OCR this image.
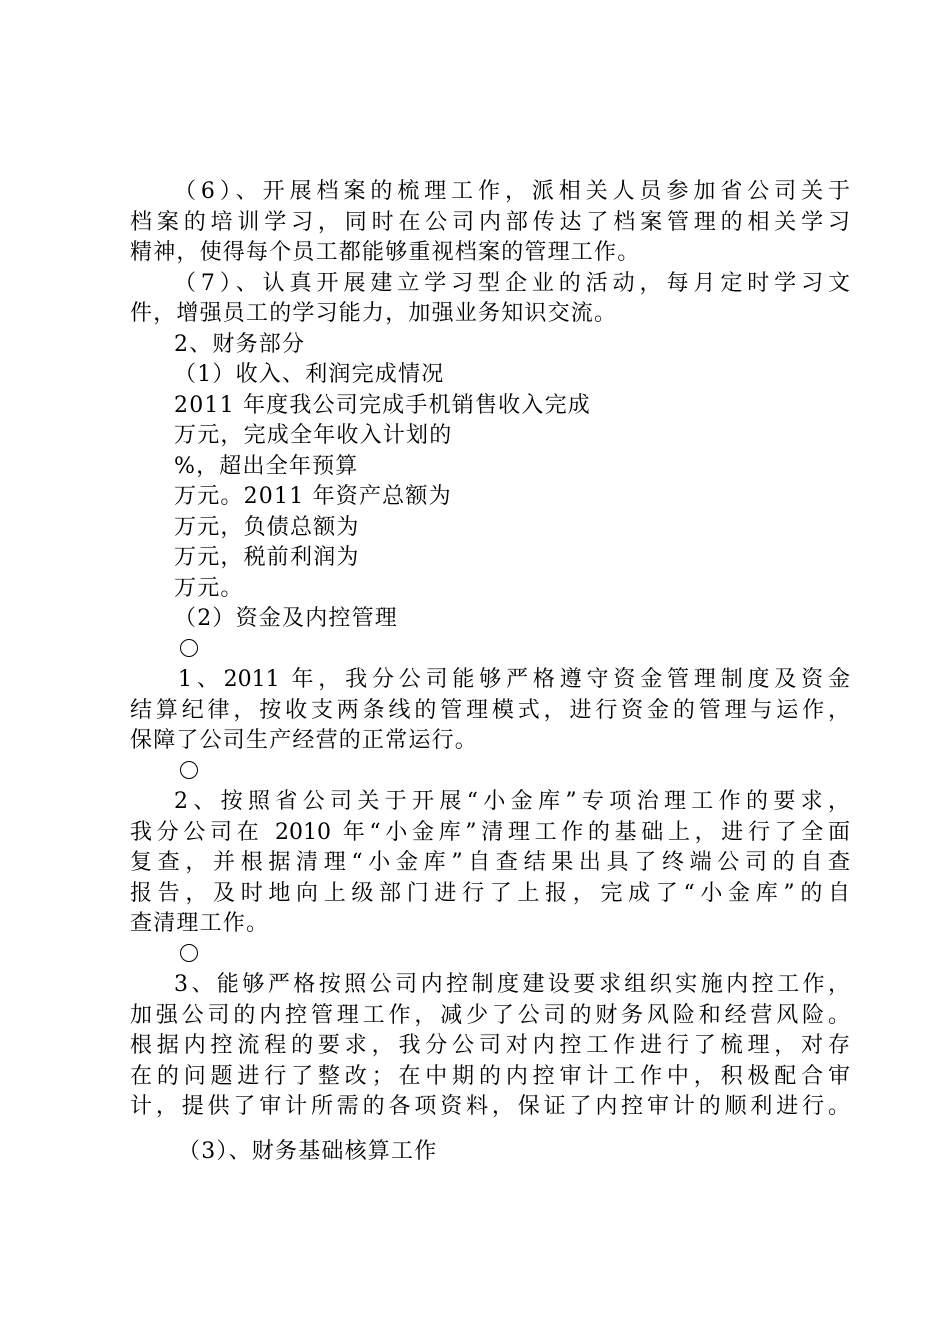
（6）、开展档案的梳理工作，派相关人员参加省公司关于
档案的培训学习，同时在公司内部传达了档案管理的相关学习
精神，使得每个员工都能够重视档案的管理工作。
（7）、认真开展建立学习型企业的活动，每月定时学习文
件，增强员工的学习能力，加强业务知识交流。
2、财务部分
（1）收入、利润完成情况
2011 年度我公司完成手机销售收入完成
万元，完成全年收入计划的
%，超出全年预算
万元。2011 年资产总额为
万元，负债总额为
万元，税前利润为
万元。
（2）资金及内控管理
1、2011 年，我分公司能够严格遵守资金管理制度及资金
结算纪律，按收支两条线的管理模式，进行资金的管理与运作，
保障了公司生产经营的正常运行。
2、按照省公司关于开展“小金库”专项治理工作的要求，
我分公司在 2010 年“小金库”清理工作的基础上，进行了全面
复查，并根据清理“小金库”自查结果出具了终端公司的自查
报告，及时地向上级部门进行了上报，完成了“小金库”的自
查清理工作。
3、能够严格按照公司内控制度建设要求组织实施内控工作，
加强公司的内控管理工作，减少了公司的财务风险和经营风险。
根据内控流程的要求，我分公司对内控工作进行了梳理，对存
在的问题进行了整改；在中期的内控审计工作中，积极配合审
计，提供了审计所需的各项资料，保证了内控审计的顺利进行。
（3）、财务基础核算工作
